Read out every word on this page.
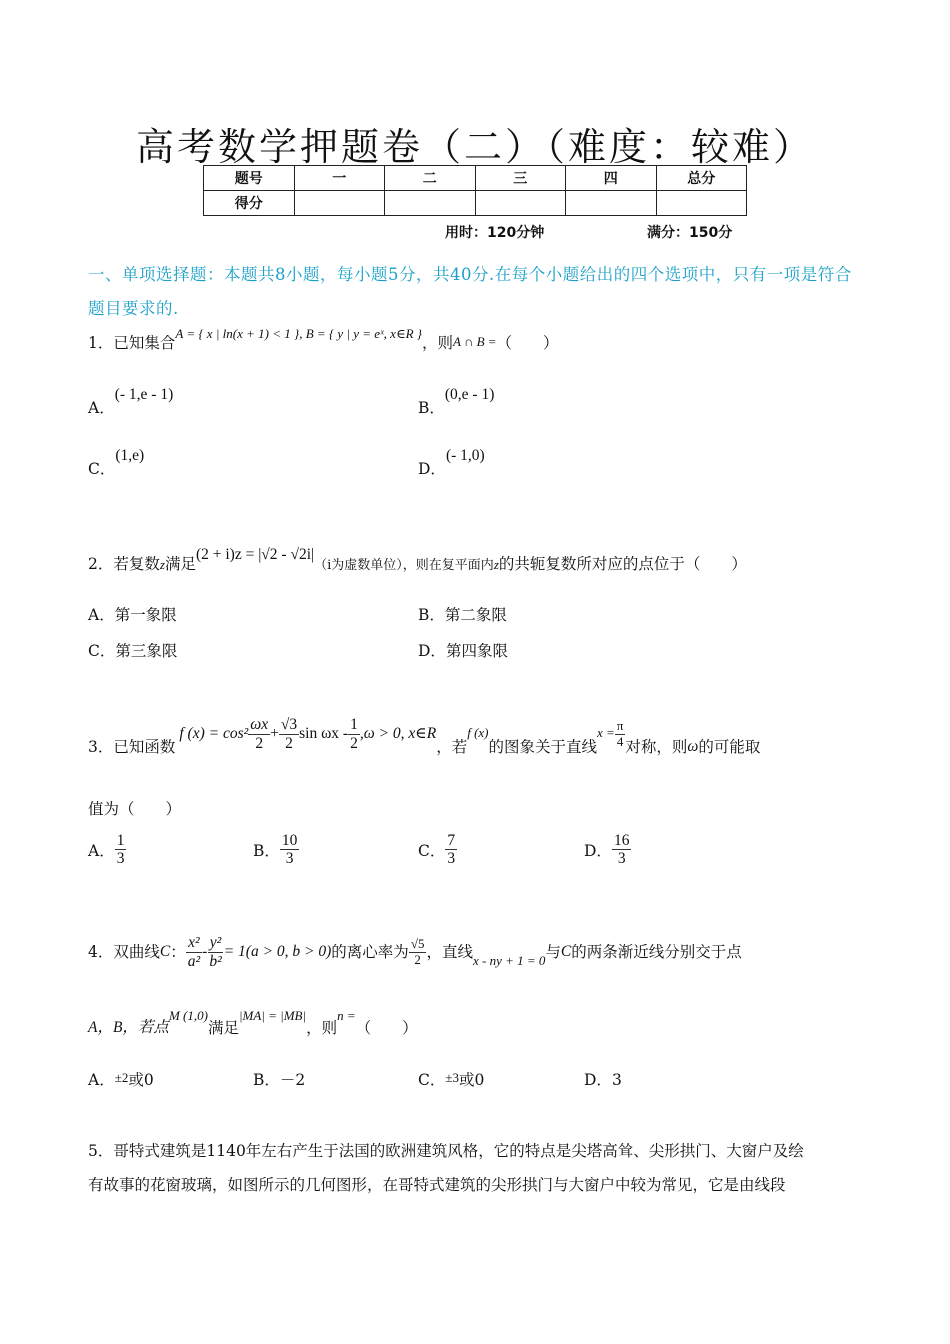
高考数学押题卷（二）（难度：较难）
题号	一	二	三	四	总分
得分					
用时：120分钟	满分：150分
一、单项选择题：本题共8小题，每小题5分，共40分.在每个小题给出的四个选项中，只有一项是符合题目要求的.
1．已知集合$^{A = \{ x | ln(x + 1) < 1 \}, B = \{ y | y = eˣ, x\in R \}}$，则A ∩ B =（　　）
A．(- 1,e - 1)
B．(0,e - 1)
C．(1,e)
D．(- 1,0)
2．若复数z满足(2 + i)z = |√2 - √2i|（i为虚数单位），则在复平面内z的共轭复数所对应的点位于（　　）
A．第一象限	B．第二象限
C．第三象限	D．第四象限
3．已知函数
f $(x) = \cos^2 \frac{\omega x}{2} + \frac{√3}{2}$ $\sin \omega x - \frac{1}{2} ,\omega > 0$, x∈R
，若
f (x)
的图象关于直线
$x = \frac{\pi}{4}$ 对称，则 ω 的可能取
值为（　　）
A． $\frac{1}{3}$	B． $\frac{10}{3}$	C． $\frac{7}{3}$	D． $\frac{16}{3}$
4．双曲线 C ： $\frac{\text{x²}}{\text{a²}} - \frac{\text{y²}}{\text{b²}} = 1(a > 0$, b > 0) 的离心率为 $\frac{√5}{2}$ ，直线 x - ny + 1 = 0 与 C 的两条渐近线分别交于点
A，B，若点
M (1,0)
满足
|MA| = |MB|
，则
n =
（　　）
A．±2或0	B．－2	C．±3或0	D．3
5．哥特式建筑是1140年左右产生于法国的欧洲建筑风格，它的特点是尖塔高耸、尖形拱门、大窗户及绘
有故事的花窗玻璃，如图所示的几何图形，在哥特式建筑的尖形拱门与大窗户中较为常见，它是由线段
